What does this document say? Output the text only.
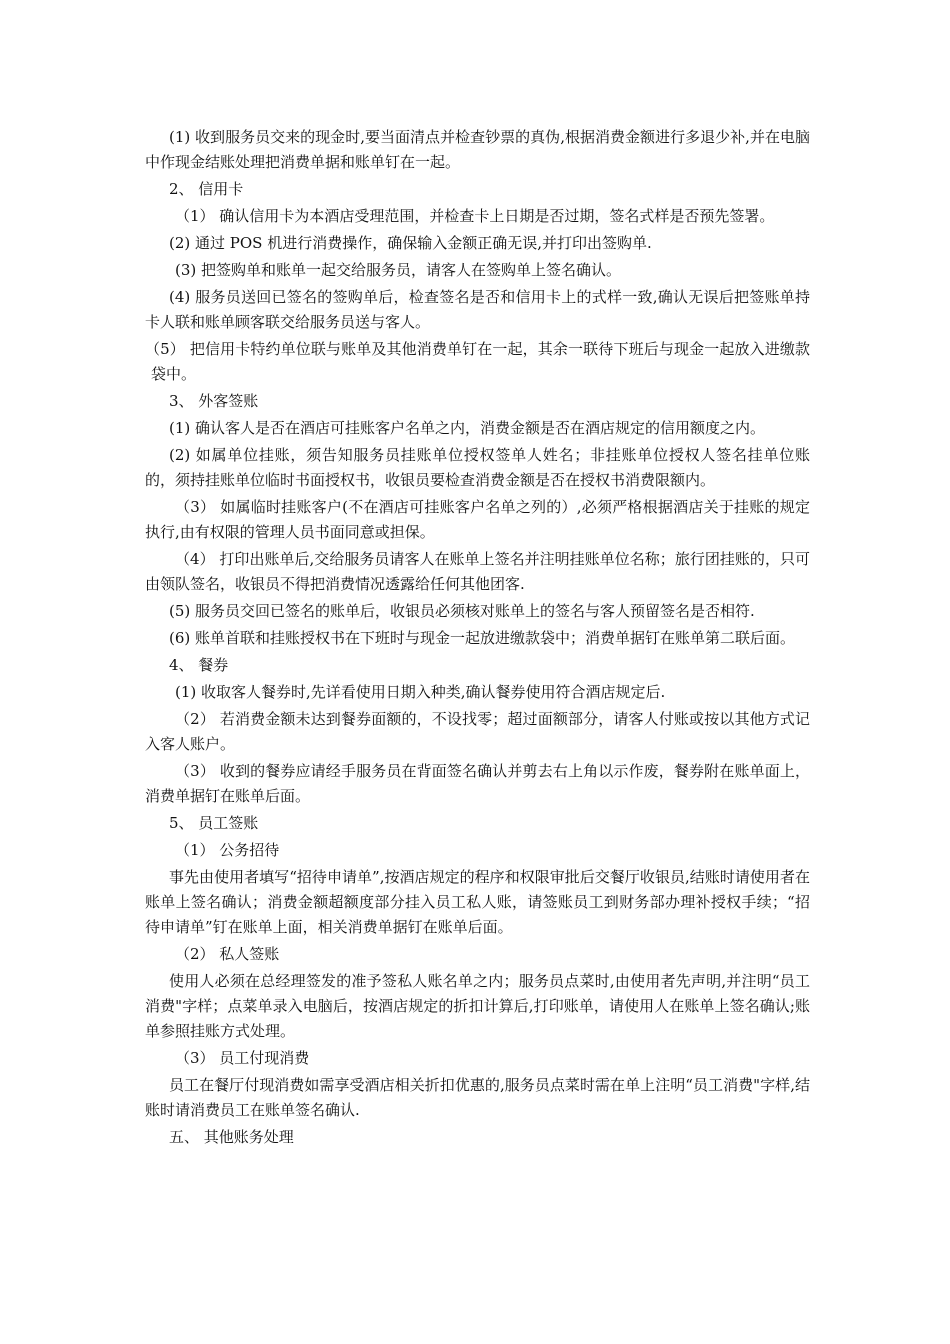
(1) 收到服务员交来的现金时,要当面清点并检查钞票的真伪,根据消费金额进行多退少补,并在电脑中作现金结账处理把消费单据和账单钉在一起。

2、 信用卡

（1） 确认信用卡为本酒店受理范围，并检查卡上日期是否过期，签名式样是否预先签署。

(2) 通过 POS 机进行消费操作，确保输入金额正确无误,并打印出签购单.

(3) 把签购单和账单一起交给服务员，请客人在签购单上签名确认。

(4) 服务员送回已签名的签购单后，检查签名是否和信用卡上的式样一致,确认无误后把签账单持卡人联和账单顾客联交给服务员送与客人。

（5） 把信用卡特约单位联与账单及其他消费单钉在一起，其余一联待下班后与现金一起放入进缴款袋中。

3、 外客签账

(1) 确认客人是否在酒店可挂账客户名单之内，消费金额是否在酒店规定的信用额度之内。

(2) 如属单位挂账，须告知服务员挂账单位授权签单人姓名；非挂账单位授权人签名挂单位账的，须持挂账单位临时书面授权书，收银员要检查消费金额是否在授权书消费限额内。

（3） 如属临时挂账客户(不在酒店可挂账客户名单之列的）,必须严格根据酒店关于挂账的规定执行,由有权限的管理人员书面同意或担保。

（4） 打印出账单后,交给服务员请客人在账单上签名并注明挂账单位名称；旅行团挂账的，只可由领队签名，收银员不得把消费情况透露给任何其他团客.

(5) 服务员交回已签名的账单后，收银员必须核对账单上的签名与客人预留签名是否相符.

(6) 账单首联和挂账授权书在下班时与现金一起放进缴款袋中；消费单据钉在账单第二联后面。

4、 餐券

(1) 收取客人餐券时,先详看使用日期入种类,确认餐券使用符合酒店规定后.

（2） 若消费金额未达到餐券面额的，不设找零；超过面额部分，请客人付账或按以其他方式记入客人账户。

（3） 收到的餐券应请经手服务员在背面签名确认并剪去右上角以示作废，餐券附在账单面上，消费单据钉在账单后面。

5、 员工签账

（1） 公务招待

事先由使用者填写“招待申请单”,按酒店规定的程序和权限审批后交餐厅收银员,结账时请使用者在账单上签名确认；消费金额超额度部分挂入员工私人账，请签账员工到财务部办理补授权手续；“招待申请单”钉在账单上面，相关消费单据钉在账单后面。

（2） 私人签账

使用人必须在总经理签发的准予签私人账名单之内；服务员点菜时,由使用者先声明,并注明“员工消费"字样；点菜单录入电脑后，按酒店规定的折扣计算后,打印账单，请使用人在账单上签名确认;账单参照挂账方式处理。

（3） 员工付现消费

员工在餐厅付现消费如需享受酒店相关折扣优惠的,服务员点菜时需在单上注明“员工消费"字样,结账时请消费员工在账单签名确认.

五、 其他账务处理
